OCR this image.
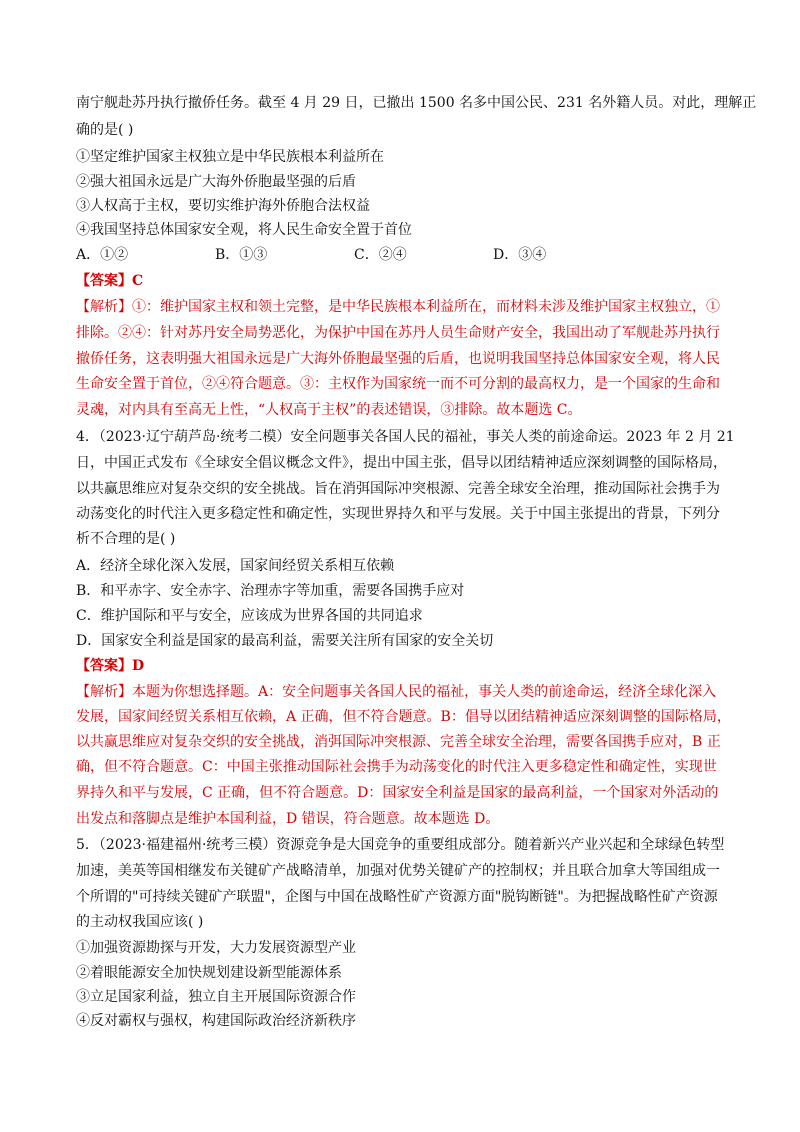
南宁舰赴苏丹执行撤侨任务。截至 4 月 29 日，已撤出 1500 名多中国公民、231 名外籍人员。对此，理解正
确的是( )
①坚定维护国家主权独立是中华民族根本利益所在
②强大祖国永远是广大海外侨胞最坚强的后盾
③人权高于主权，要切实维护海外侨胞合法权益
④我国坚持总体国家安全观，将人民生命安全置于首位
A．①②	B．①③	C．②④	D．③④
【答案】C
【解析】①：维护国家主权和领土完整，是中华民族根本利益所在，而材料未涉及维护国家主权独立，①
排除。②④：针对苏丹安全局势恶化，为保护中国在苏丹人员生命财产安全，我国出动了军舰赴苏丹执行
撤侨任务，这表明强大祖国永远是广大海外侨胞最坚强的后盾，也说明我国坚持总体国家安全观，将人民
生命安全置于首位，②④符合题意。③：主权作为国家统一而不可分割的最高权力，是一个国家的生命和
灵魂，对内具有至高无上性，“人权高于主权”的表述错误，③排除。故本题选 C。
4．（2023·辽宁葫芦岛·统考二模）安全问题事关各国人民的福祉，事关人类的前途命运。2023 年 2 月 21
日，中国正式发布《全球安全倡议概念文件》，提出中国主张，倡导以团结精神适应深刻调整的国际格局，
以共赢思维应对复杂交织的安全挑战。旨在消弭国际冲突根源、完善全球安全治理，推动国际社会携手为
动荡变化的时代注入更多稳定性和确定性，实现世界持久和平与发展。关于中国主张提出的背景，下列分
析不合理的是( )
A．经济全球化深入发展，国家间经贸关系相互依赖
B．和平赤字、安全赤字、治理赤字等加重，需要各国携手应对
C．维护国际和平与安全，应该成为世界各国的共同追求
D．国家安全利益是国家的最高利益，需要关注所有国家的安全关切
【答案】D
【解析】本题为你想选择题。A：安全问题事关各国人民的福祉，事关人类的前途命运，经济全球化深入
发展，国家间经贸关系相互依赖，A 正确，但不符合题意。B：倡导以团结精神适应深刻调整的国际格局，
以共赢思维应对复杂交织的安全挑战，消弭国际冲突根源、完善全球安全治理，需要各国携手应对，B 正
确，但不符合题意。C：中国主张推动国际社会携手为动荡变化的时代注入更多稳定性和确定性，实现世
界持久和平与发展，C 正确，但不符合题意。D：国家安全利益是国家的最高利益，一个国家对外活动的
出发点和落脚点是维护本国利益，D 错误，符合题意。故本题选 D。
5．（2023·福建福州·统考三模）资源竞争是大国竞争的重要组成部分。随着新兴产业兴起和全球绿色转型
加速，美英等国相继发布关键矿产战略清单，加强对优势关键矿产的控制权；并且联合加拿大等国组成一
个所谓的"可持续关键矿产联盟"，企图与中国在战略性矿产资源方面"脱钩断链"。为把握战略性矿产资源
的主动权我国应该( )
①加强资源勘探与开发，大力发展资源型产业
②着眼能源安全加快规划建设新型能源体系
③立足国家利益，独立自主开展国际资源合作
④反对霸权与强权，构建国际政治经济新秩序
